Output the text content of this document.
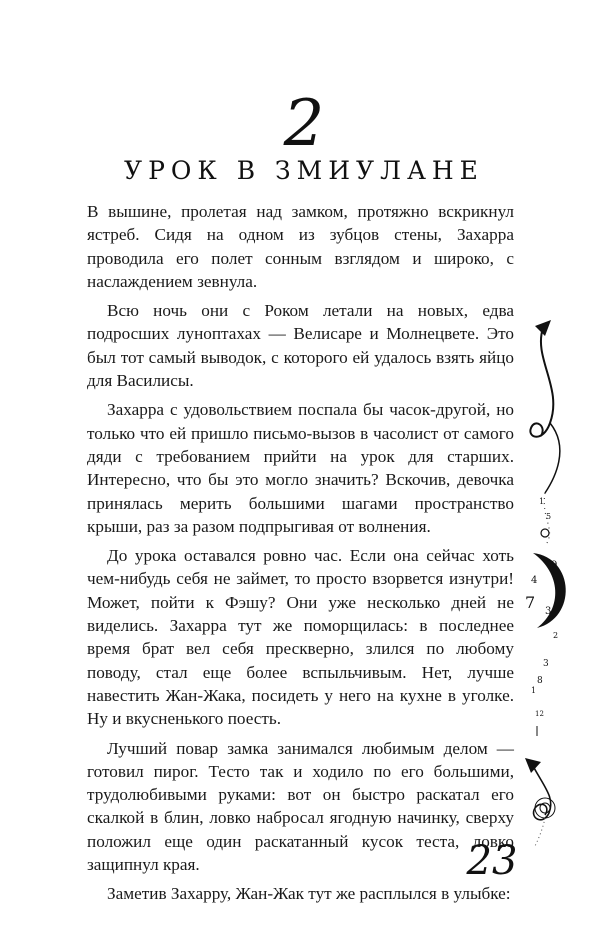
2
УРОК В ЗМИУЛАНЕ

В вышине, пролетая над замком, протяжно вскрикнул ястреб. Сидя на одном из зубцов стены, Захарра проводила его полет сонным взглядом и широко, с наслаждением зевнула.

Всю ночь они с Роком летали на новых, едва подросших луноптахах — Велисаре и Молнецвете. Это был тот самый выводок, с которого ей удалось взять яйцо для Василисы.

Захарра с удовольствием поспала бы часок-другой, но только что ей пришло письмо-вызов в часолист от самого дяди с требованием прийти на урок для старших. Интересно, что бы это могло значить? Вскочив, девочка принялась мерить большими шагами пространство крыши, раз за разом подпрыгивая от волнения.

До урока оставался ровно час. Если она сейчас хоть чем-нибудь себя не займет, то просто взорвется изнутри! Может, пойти к Фэшу? Они уже несколько дней не виделись. Захарра тут же поморщилась: в последнее время брат вел себя прескверно, злился по любому поводу, стал еще более вспыльчивым. Нет, лучше навестить Жан-Жака, посидеть у него на кухне в уголке. Ну и вкусненького поесть.

Лучший повар замка занимался любимым делом — готовил пирог. Тесто так и ходило по его большими, трудолюбивыми руками: вот он быстро раскатал его скалкой в блин, ловко набросал ягодную начинку, сверху положил еще один раскатанный кусок теста, ловко защипнул края.

Заметив Захарру, Жан-Жак тут же расплылся в улыбке:

1
5
9
4
7 3
2
3
8
1
12
23
